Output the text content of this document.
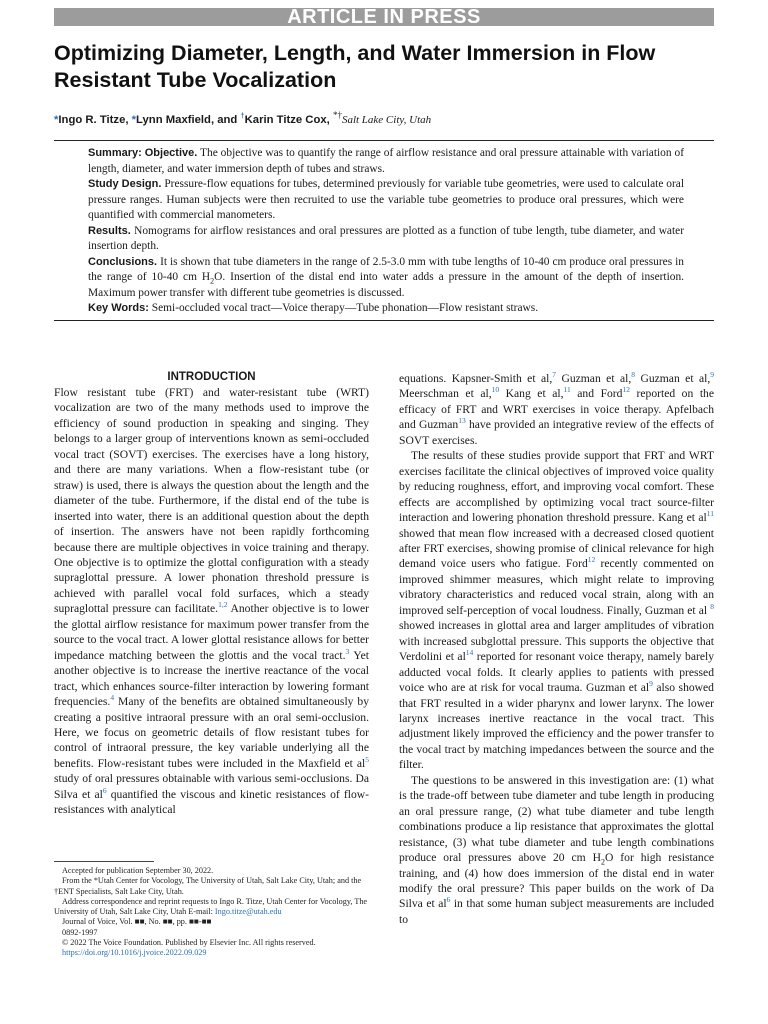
ARTICLE IN PRESS
Optimizing Diameter, Length, and Water Immersion in Flow
Resistant Tube Vocalization
*Ingo R. Titze, *Lynn Maxfield, and †Karin Titze Cox, *†Salt Lake City, Utah

Summary: Objective. The objective was to quantify the range of airflow resistance and oral pressure attainable with variation of length, diameter, and water immersion depth of tubes and straws.

Study Design. Pressure-flow equations for tubes, determined previously for variable tube geometries, were used to calculate oral pressure ranges. Human subjects were then recruited to use the variable tube geometries to produce oral pressures, which were quantified with commercial manometers.

Results. Nomograms for airflow resistances and oral pressures are plotted as a function of tube length, tube diameter, and water insertion depth.

Conclusions. It is shown that tube diameters in the range of 2.5-3.0 mm with tube lengths of 10-40 cm produce oral pressures in the range of 10-40 cm $H_2O$. Insertion of the distal end into water adds a pressure in the amount of the depth of insertion. Maximum power transfer with different tube geometries is discussed.

Key Words: Semi-occluded vocal tract—Voice therapy—Tube phonation—Flow resistant straws.

INTRODUCTION

Flow resistant tube (FRT) and water-resistant tube (WRT) vocalization are two of the many methods used to improve the efficiency of sound production in speaking and singing. They belongs to a larger group of interventions known as semi-occluded vocal tract (SOVT) exercises. The exercises have a long history, and there are many variations. When a flow-resistant tube (or straw) is used, there is always the question about the length and the diameter of the tube. Furthermore, if the distal end of the tube is inserted into water, there is an additional question about the depth of insertion. The answers have not been rapidly forthcoming because there are multiple objectives in voice training and therapy. One objective is to optimize the glottal configuration with a steady supraglottal pressure. A lower phonation threshold pressure is achieved with parallel vocal fold surfaces, which a steady supraglottal pressure can facilitate.$^{1,2}$ Another objective is to lower the glottal airflow resistance for maximum power transfer from the source to the vocal tract. A lower glottal resistance allows for better impedance matching between the glottis and the vocal tract.$^3$ Yet another objective is to increase the inertive reactance of the vocal tract, which enhances source-filter interaction by lowering formant frequencies.$^4$ Many of the benefits are obtained simultaneously by creating a positive intraoral pressure with an oral semi-occlusion. Here, we focus on geometric details of flow resistant tubes for control of intraoral pressure, the key variable underlying all the benefits. Flow-resistant tubes were included in the Maxfield et al$^5$ study of oral pressures obtainable with various semi-occlusions. Da Silva et al$^6$ quantified the viscous and kinetic resistances of flow-resistances with analytical

equations. Kapsner-Smith et al,$^7$ Guzman et al,$^8$ Guzman et al,$^9$ Meerschman et al,$^{10}$ Kang et al,$^{11}$ and Ford$^{12}$ reported on the efficacy of FRT and WRT exercises in voice therapy. Apfelbach and Guzman$^{13}$ have provided an integrative review of the effects of SOVT exercises.

The results of these studies provide support that FRT and WRT exercises facilitate the clinical objectives of improved voice quality by reducing roughness, effort, and improving vocal comfort. These effects are accomplished by optimizing vocal tract source-filter interaction and lowering phonation threshold pressure. Kang et al$^{11}$ showed that mean flow increased with a decreased closed quotient after FRT exercises, showing promise of clinical relevance for high demand voice users who fatigue. Ford$^{12}$ recently commented on improved shimmer measures, which might relate to improving vibratory characteristics and reduced vocal strain, along with an improved self-perception of vocal loudness. Finally, Guzman et al $^8$ showed increases in glottal area and larger amplitudes of vibration with increased subglottal pressure. This supports the objective that Verdolini et al$^{14}$ reported for resonant voice therapy, namely barely adducted vocal folds. It clearly applies to patients with pressed voice who are at risk for vocal trauma. Guzman et al$^9$ also showed that FRT resulted in a wider pharynx and lower larynx. The lower larynx increases inertive reactance in the vocal tract. This adjustment likely improved the efficiency and the power transfer to the vocal tract by matching impedances between the source and the filter.

The questions to be answered in this investigation are: (1) what is the trade-off between tube diameter and tube length in producing an oral pressure range, (2) what tube diameter and tube length combinations produce a lip resistance that approximates the glottal resistance, (3) what tube diameter and tube length combinations produce oral pressures above 20 cm $H_2O$ for high resistance training, and (4) how does immersion of the distal end in water modify the oral pressure? This paper builds on the work of Da Silva et al$^6$ in that some human subject measurements are included to

Accepted for publication September 30, 2022.

From the *Utah Center for Vocology, The University of Utah, Salt Lake City, Utah; and the †ENT Specialists, Salt Lake City, Utah.

Address correspondence and reprint requests to Ingo R. Titze, Utah Center for Vocology, The University of Utah, Salt Lake City, Utah E-mail: Ingo.titze@utah.edu

Journal of Voice, Vol. ■■, No. ■■, pp. ■■-■■

0892-1997

© 2022 The Voice Foundation. Published by Elsevier Inc. All rights reserved.

https://doi.org/10.1016/j.jvoice.2022.09.029
